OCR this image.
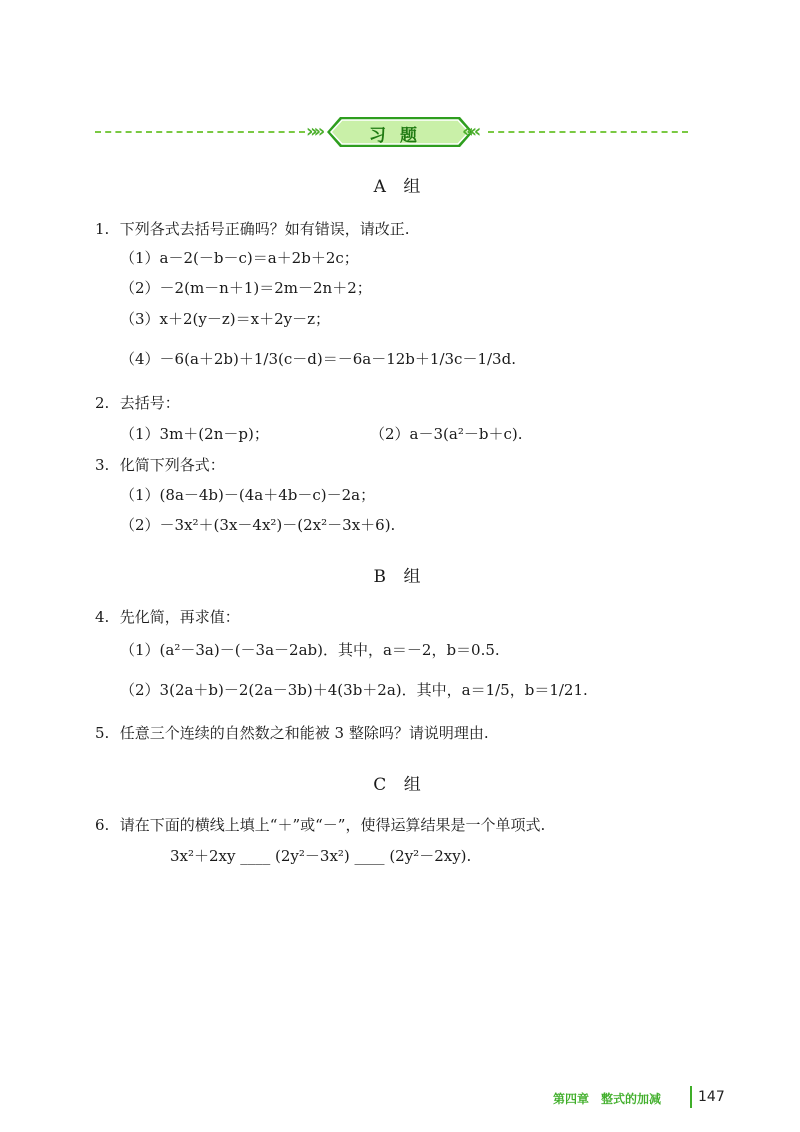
»»	习题	««
A 组
1. 下列各式去括号正确吗？如有错误，请改正.
（1）a－2(－b－c)＝a＋2b＋2c；
（2）－2(m－n＋1)＝2m－2n＋2；
（3）x＋2(y－z)＝x＋2y－z；
（4）－6(a＋2b)＋1/3(c－d)＝－6a－12b＋1/3c－1/3d.
2. 去括号：
（1）3m＋(2n－p)；	（2）a－3(a²－b＋c).
3. 化简下列各式：
（1）(8a－4b)－(4a＋4b－c)－2a；
（2）－3x²＋(3x－4x²)－(2x²－3x＋6).
B 组
4. 先化简，再求值：
（1）(a²－3a)－(－3a－2ab)．其中，a＝－2，b＝0.5.
（2）3(2a＋b)－2(2a－3b)＋4(3b＋2a)．其中，a＝1/5，b＝1/21.
5. 任意三个连续的自然数之和能被 3 整除吗？请说明理由.
C 组
6. 请在下面的横线上填上“＋”或“－”，使得运算结果是一个单项式.
3x²＋2xy ____ (2y²－3x²) ____ (2y²－2xy).
第四章　整式的加减	147
